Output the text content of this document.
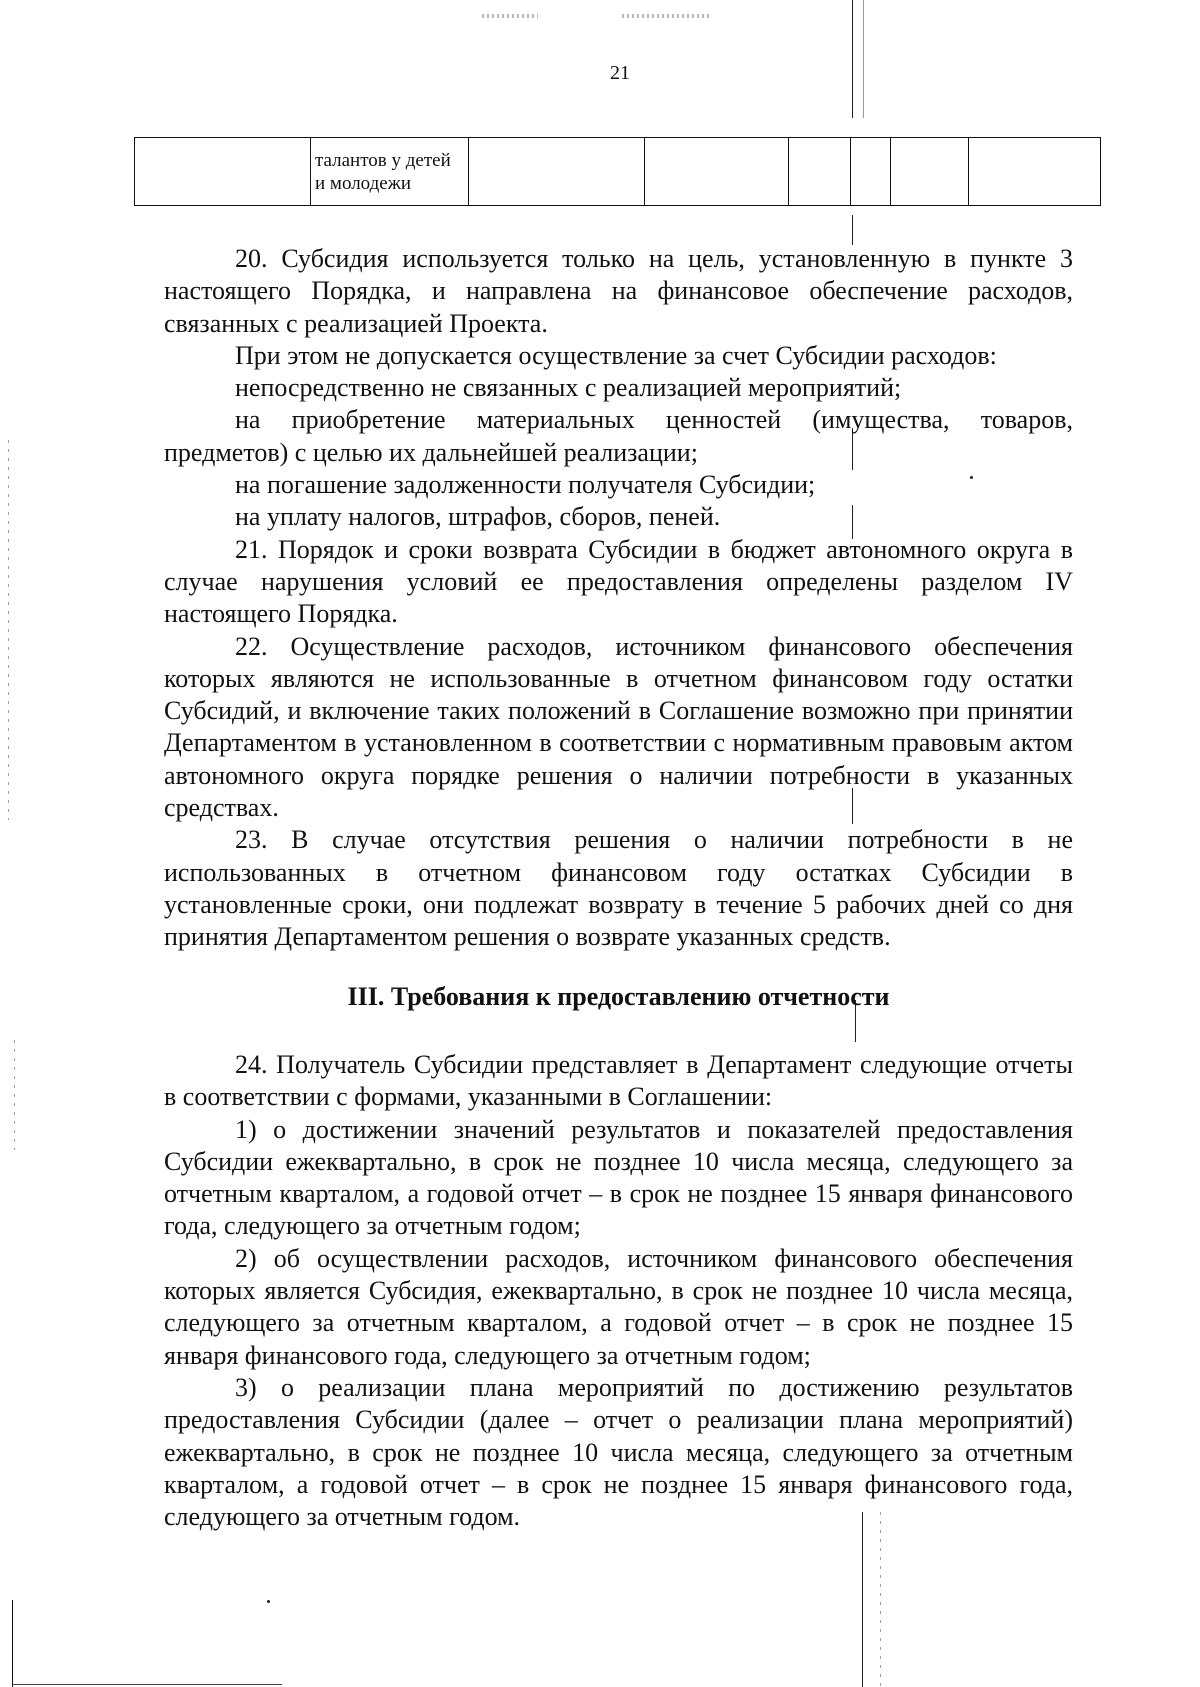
21
	талантов у детей и молодежи						

20. Субсидия используется только на цель, установленную в пункте 3 настоящего Порядка, и направлена на финансовое обеспечение расходов, связанных с реализацией Проекта.

При этом не допускается осуществление за счет Субсидии расходов:

непосредственно не связанных с реализацией мероприятий;

на приобретение материальных ценностей (имущества, товаров, предметов) с целью их дальнейшей реализации;

на погашение задолженности получателя Субсидии;

на уплату налогов, штрафов, сборов, пеней.

21. Порядок и сроки возврата Субсидии в бюджет автономного округа в случае нарушения условий ее предоставления определены разделом IV настоящего Порядка.

22. Осуществление расходов, источником финансового обеспечения которых являются не использованные в отчетном финансовом году остатки Субсидий, и включение таких положений в Соглашение возможно при принятии Департаментом в установленном в соответствии с нормативным правовым актом автономного округа порядке решения о наличии потребности в указанных средствах.

23. В случае отсутствия решения о наличии потребности в не использованных в отчетном финансовом году остатках Субсидии в установленные сроки, они подлежат возврату в течение 5 рабочих дней со дня принятия Департаментом решения о возврате указанных средств.

III. Требования к предоставлению отчетности

24. Получатель Субсидии представляет в Департамент следующие отчеты в соответствии с формами, указанными в Соглашении:

1) о достижении значений результатов и показателей предоставления Субсидии ежеквартально, в срок не позднее 10 числа месяца, следующего за отчетным кварталом, а годовой отчет – в срок не позднее 15 января финансового года, следующего за отчетным годом;

2) об осуществлении расходов, источником финансового обеспечения которых является Субсидия, ежеквартально, в срок не позднее 10 числа месяца, следующего за отчетным кварталом, а годовой отчет – в срок не позднее 15 января финансового года, следующего за отчетным годом;

3) о реализации плана мероприятий по достижению результатов предоставления Субсидии (далее – отчет о реализации плана мероприятий) ежеквартально, в срок не позднее 10 числа месяца, следующего за отчетным кварталом, а годовой отчет – в срок не позднее 15 января финансового года, следующего за отчетным годом.
